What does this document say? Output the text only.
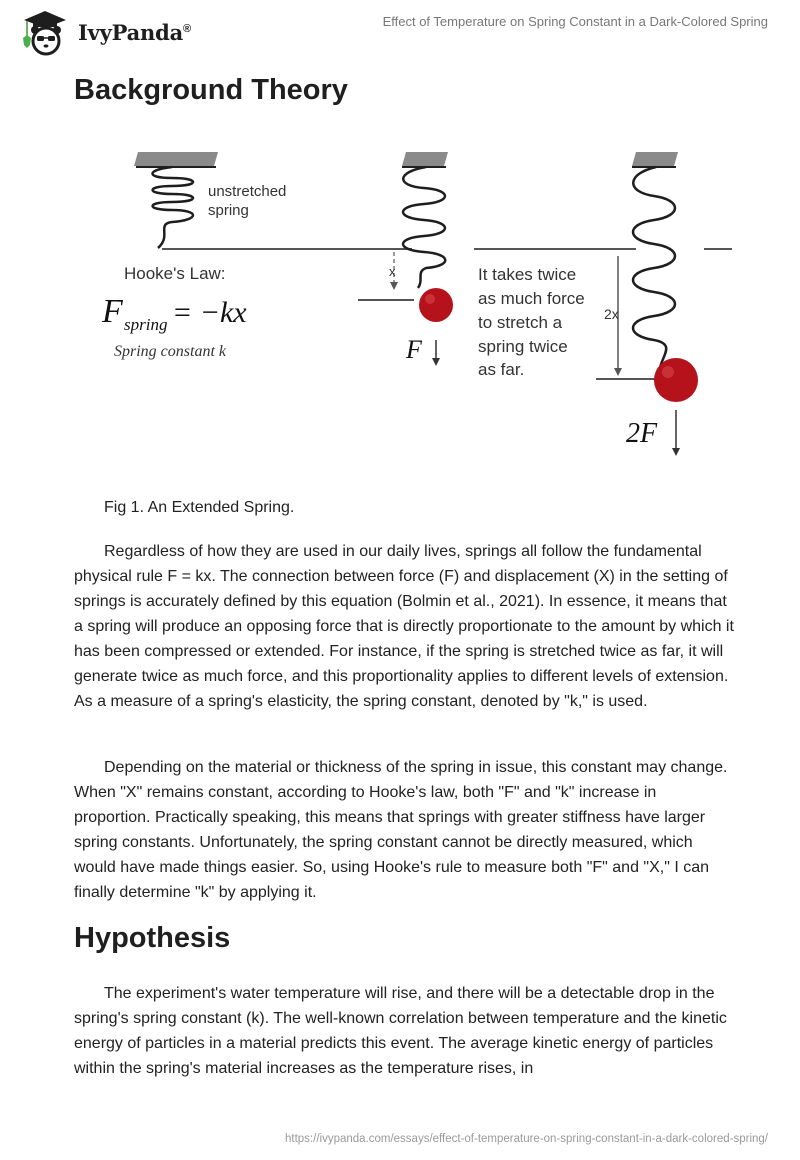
IvyPanda®	Effect of Temperature on Spring Constant in a Dark-Colored Spring
Background Theory
unstretched
spring
Hooke's Law:
F spring = −kx
Spring constant k
x
F
It takes twice
as much force
to stretch a
spring twice
as far.
2x
2F
Fig 1. An Extended Spring.

Regardless of how they are used in our daily lives, springs all follow the fundamental physical rule F = kx. The connection between force (F) and displacement (X) in the setting of springs is accurately defined by this equation (Bolmin et al., 2021). In essence, it means that a spring will produce an opposing force that is directly proportionate to the amount by which it has been compressed or extended. For instance, if the spring is stretched twice as far, it will generate twice as much force, and this proportionality applies to different levels of extension. As a measure of a spring's elasticity, the spring constant, denoted by "k," is used.

Depending on the material or thickness of the spring in issue, this constant may change. When "X" remains constant, according to Hooke's law, both "F" and "k" increase in proportion. Practically speaking, this means that springs with greater stiffness have larger spring constants. Unfortunately, the spring constant cannot be directly measured, which would have made things easier. So, using Hooke's rule to measure both "F" and "X," I can finally determine "k" by applying it.

Hypothesis

The experiment's water temperature will rise, and there will be a detectable drop in the spring's spring constant (k). The well-known correlation between temperature and the kinetic energy of particles in a material predicts this event. The average kinetic energy of particles within the spring's material increases as the temperature rises, in

https://ivypanda.com/essays/effect-of-temperature-on-spring-constant-in-a-dark-colored-spring/
